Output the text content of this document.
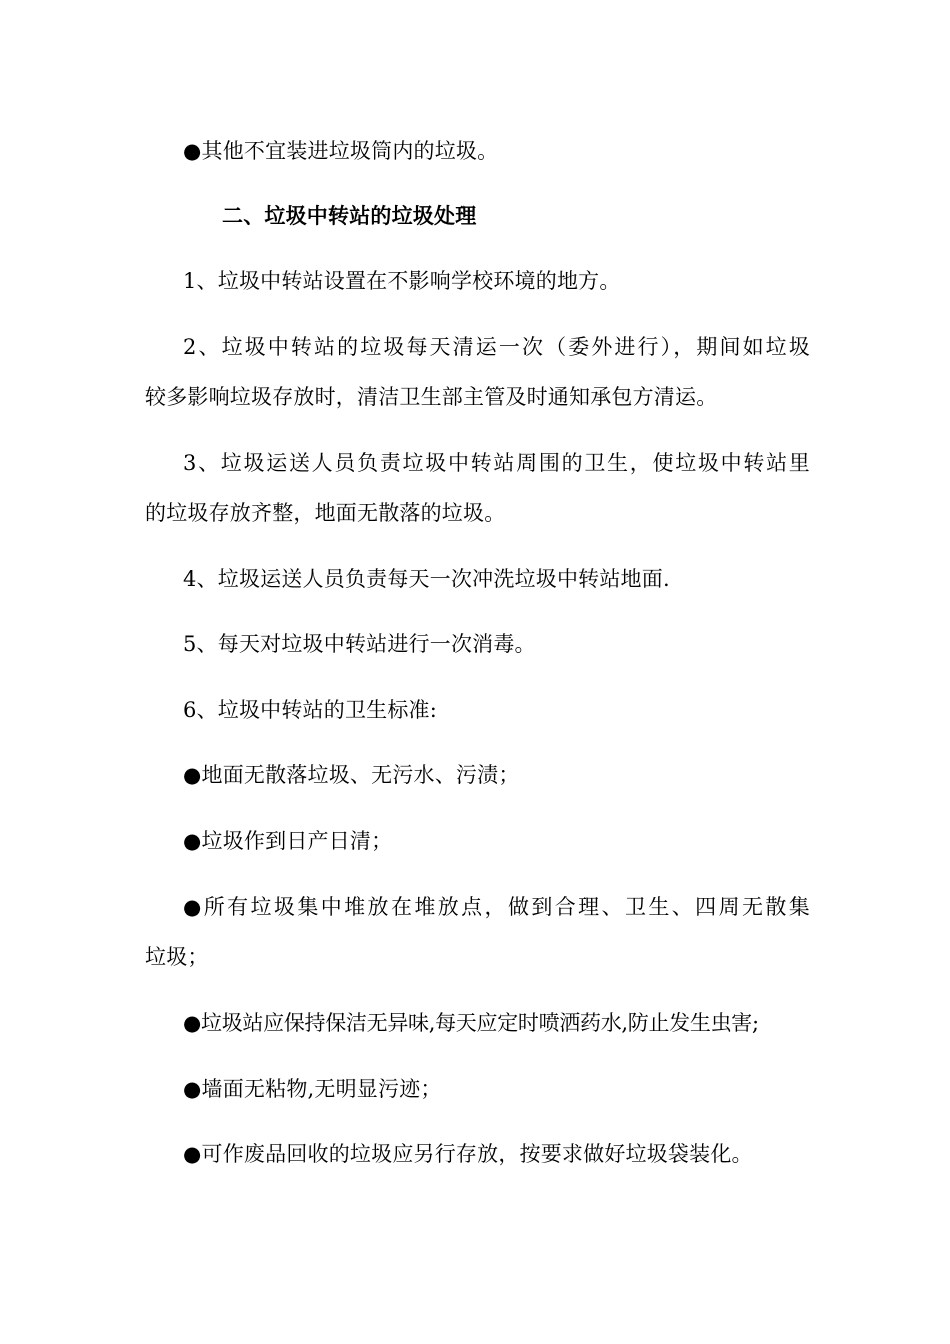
●其他不宜装进垃圾筒内的垃圾。
二、垃圾中转站的垃圾处理
1、垃圾中转站设置在不影响学校环境的地方。
2、垃圾中转站的垃圾每天清运一次（委外进行），期间如垃圾
较多影响垃圾存放时，清洁卫生部主管及时通知承包方清运。
3、垃圾运送人员负责垃圾中转站周围的卫生，使垃圾中转站里
的垃圾存放齐整，地面无散落的垃圾。
4、垃圾运送人员负责每天一次冲洗垃圾中转站地面.
5、每天对垃圾中转站进行一次消毒。
6、垃圾中转站的卫生标准:
●地面无散落垃圾、无污水、污渍；
●垃圾作到日产日清；
●所有垃圾集中堆放在堆放点，做到合理、卫生、四周无散集
垃圾；
●垃圾站应保持保洁无异味,每天应定时喷洒药水,防止发生虫害;
●墙面无粘物,无明显污迹；
●可作废品回收的垃圾应另行存放，按要求做好垃圾袋装化。
